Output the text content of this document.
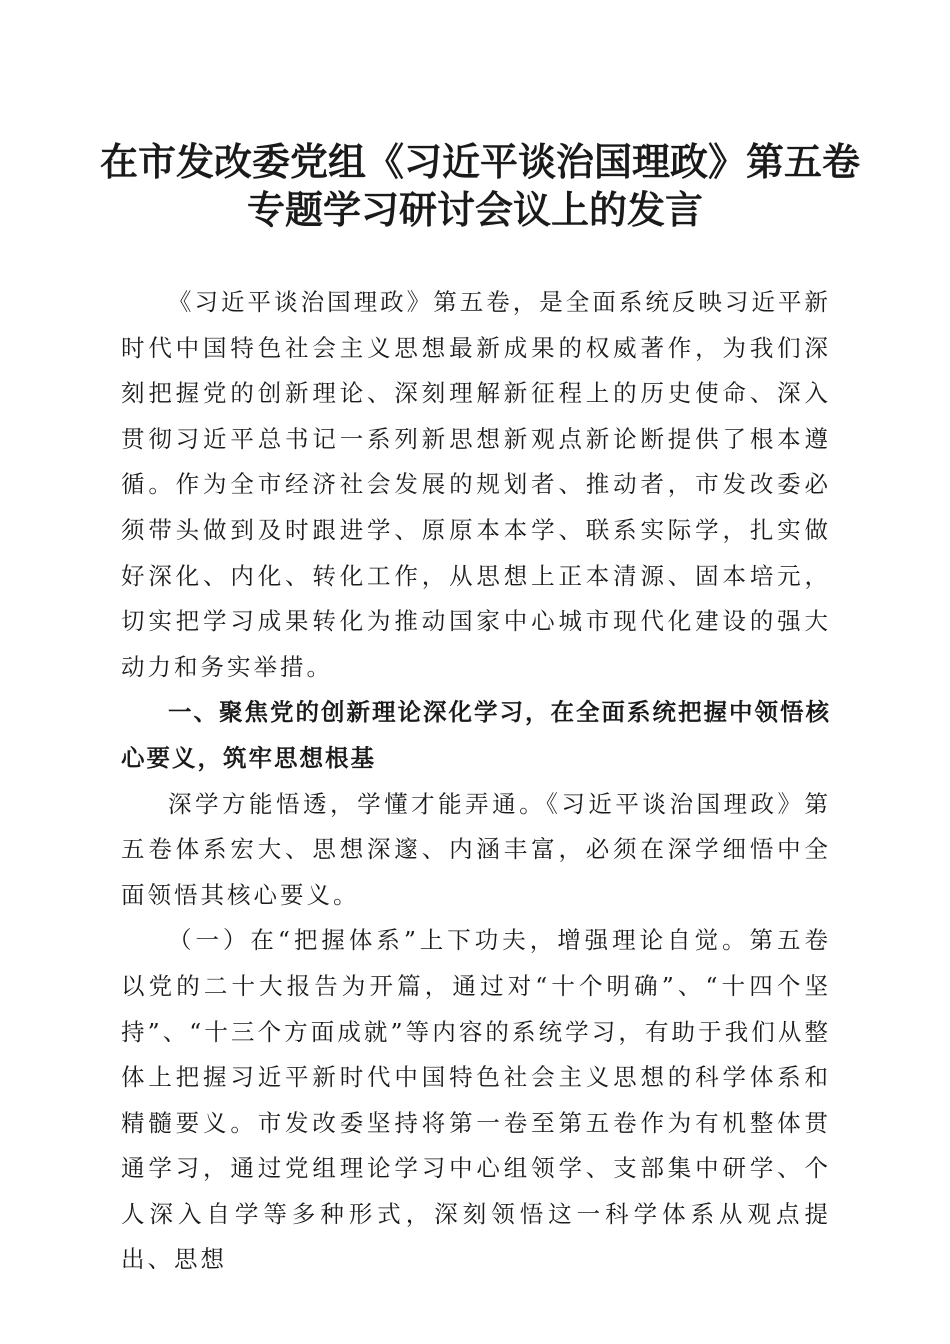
在市发改委党组《习近平谈治国理政》第五卷
专题学习研讨会议上的发言

《习近平谈治国理政》第五卷，是全面系统反映习近平新时代中国特色社会主义思想最新成果的权威著作，为我们深刻把握党的创新理论、深刻理解新征程上的历史使命、深入贯彻习近平总书记一系列新思想新观点新论断提供了根本遵循。作为全市经济社会发展的规划者、推动者，市发改委必须带头做到及时跟进学、原原本本学、联系实际学，扎实做好深化、内化、转化工作，从思想上正本清源、固本培元，切实把学习成果转化为推动国家中心城市现代化建设的强大动力和务实举措。

一、聚焦党的创新理论深化学习，在全面系统把握中领悟核心要义，筑牢思想根基

深学方能悟透，学懂才能弄通。《习近平谈治国理政》第五卷体系宏大、思想深邃、内涵丰富，必须在深学细悟中全面领悟其核心要义。

（一）在“把握体系”上下功夫，增强理论自觉。第五卷以党的二十大报告为开篇，通过对“十个明确”、“十四个坚持”、“十三个方面成就”等内容的系统学习，有助于我们从整体上把握习近平新时代中国特色社会主义思想的科学体系和精髓要义。市发改委坚持将第一卷至第五卷作为有机整体贯通学习，通过党组理论学习中心组领学、支部集中研学、个人深入自学等多种形式，深刻领悟这一科学体系从观点提出、思想
